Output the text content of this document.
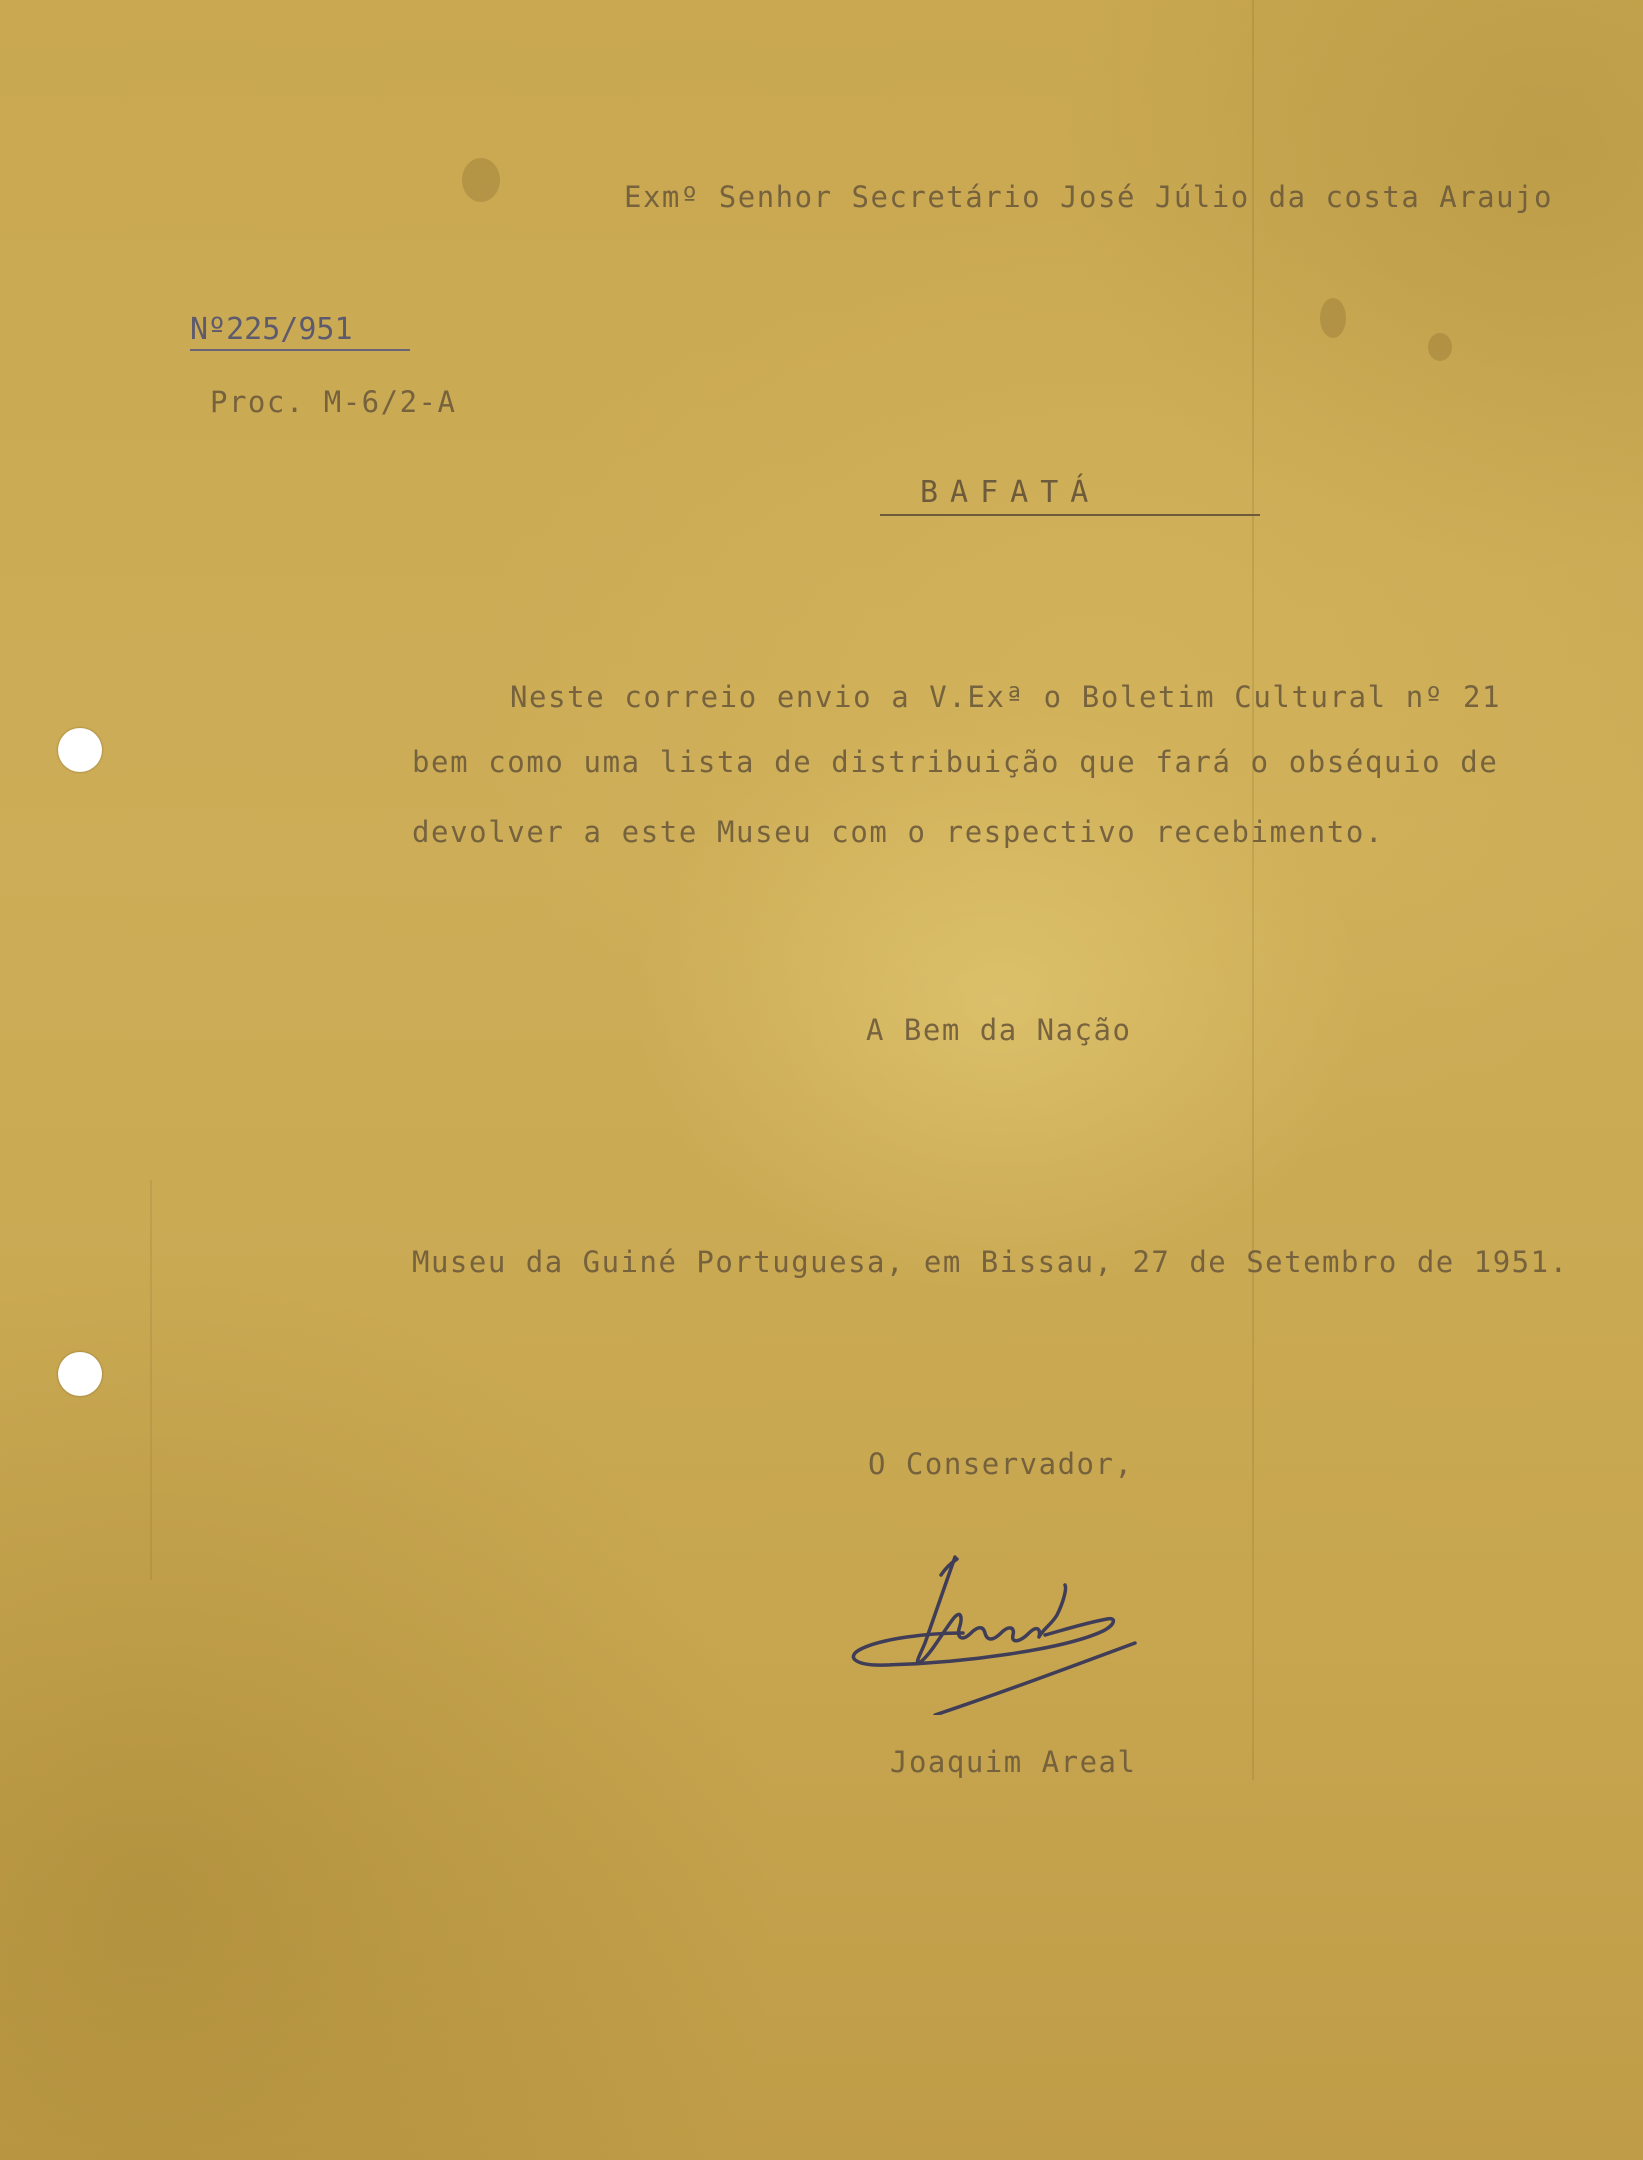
Exmº Senhor Secretário José Júlio da costa Araujo
Nº225/951
Proc. M-6/2-A
BAFATÁ
Neste correio envio a V.Exª o Boletim Cultural nº 21
bem como uma lista de distribuição que fará o obséquio de
devolver a este Museu com o respectivo recebimento.
A Bem da Nação
Museu da Guiné Portuguesa, em Bissau, 27 de Setembro de 1951.
O Conservador,
Joaquim Areal
